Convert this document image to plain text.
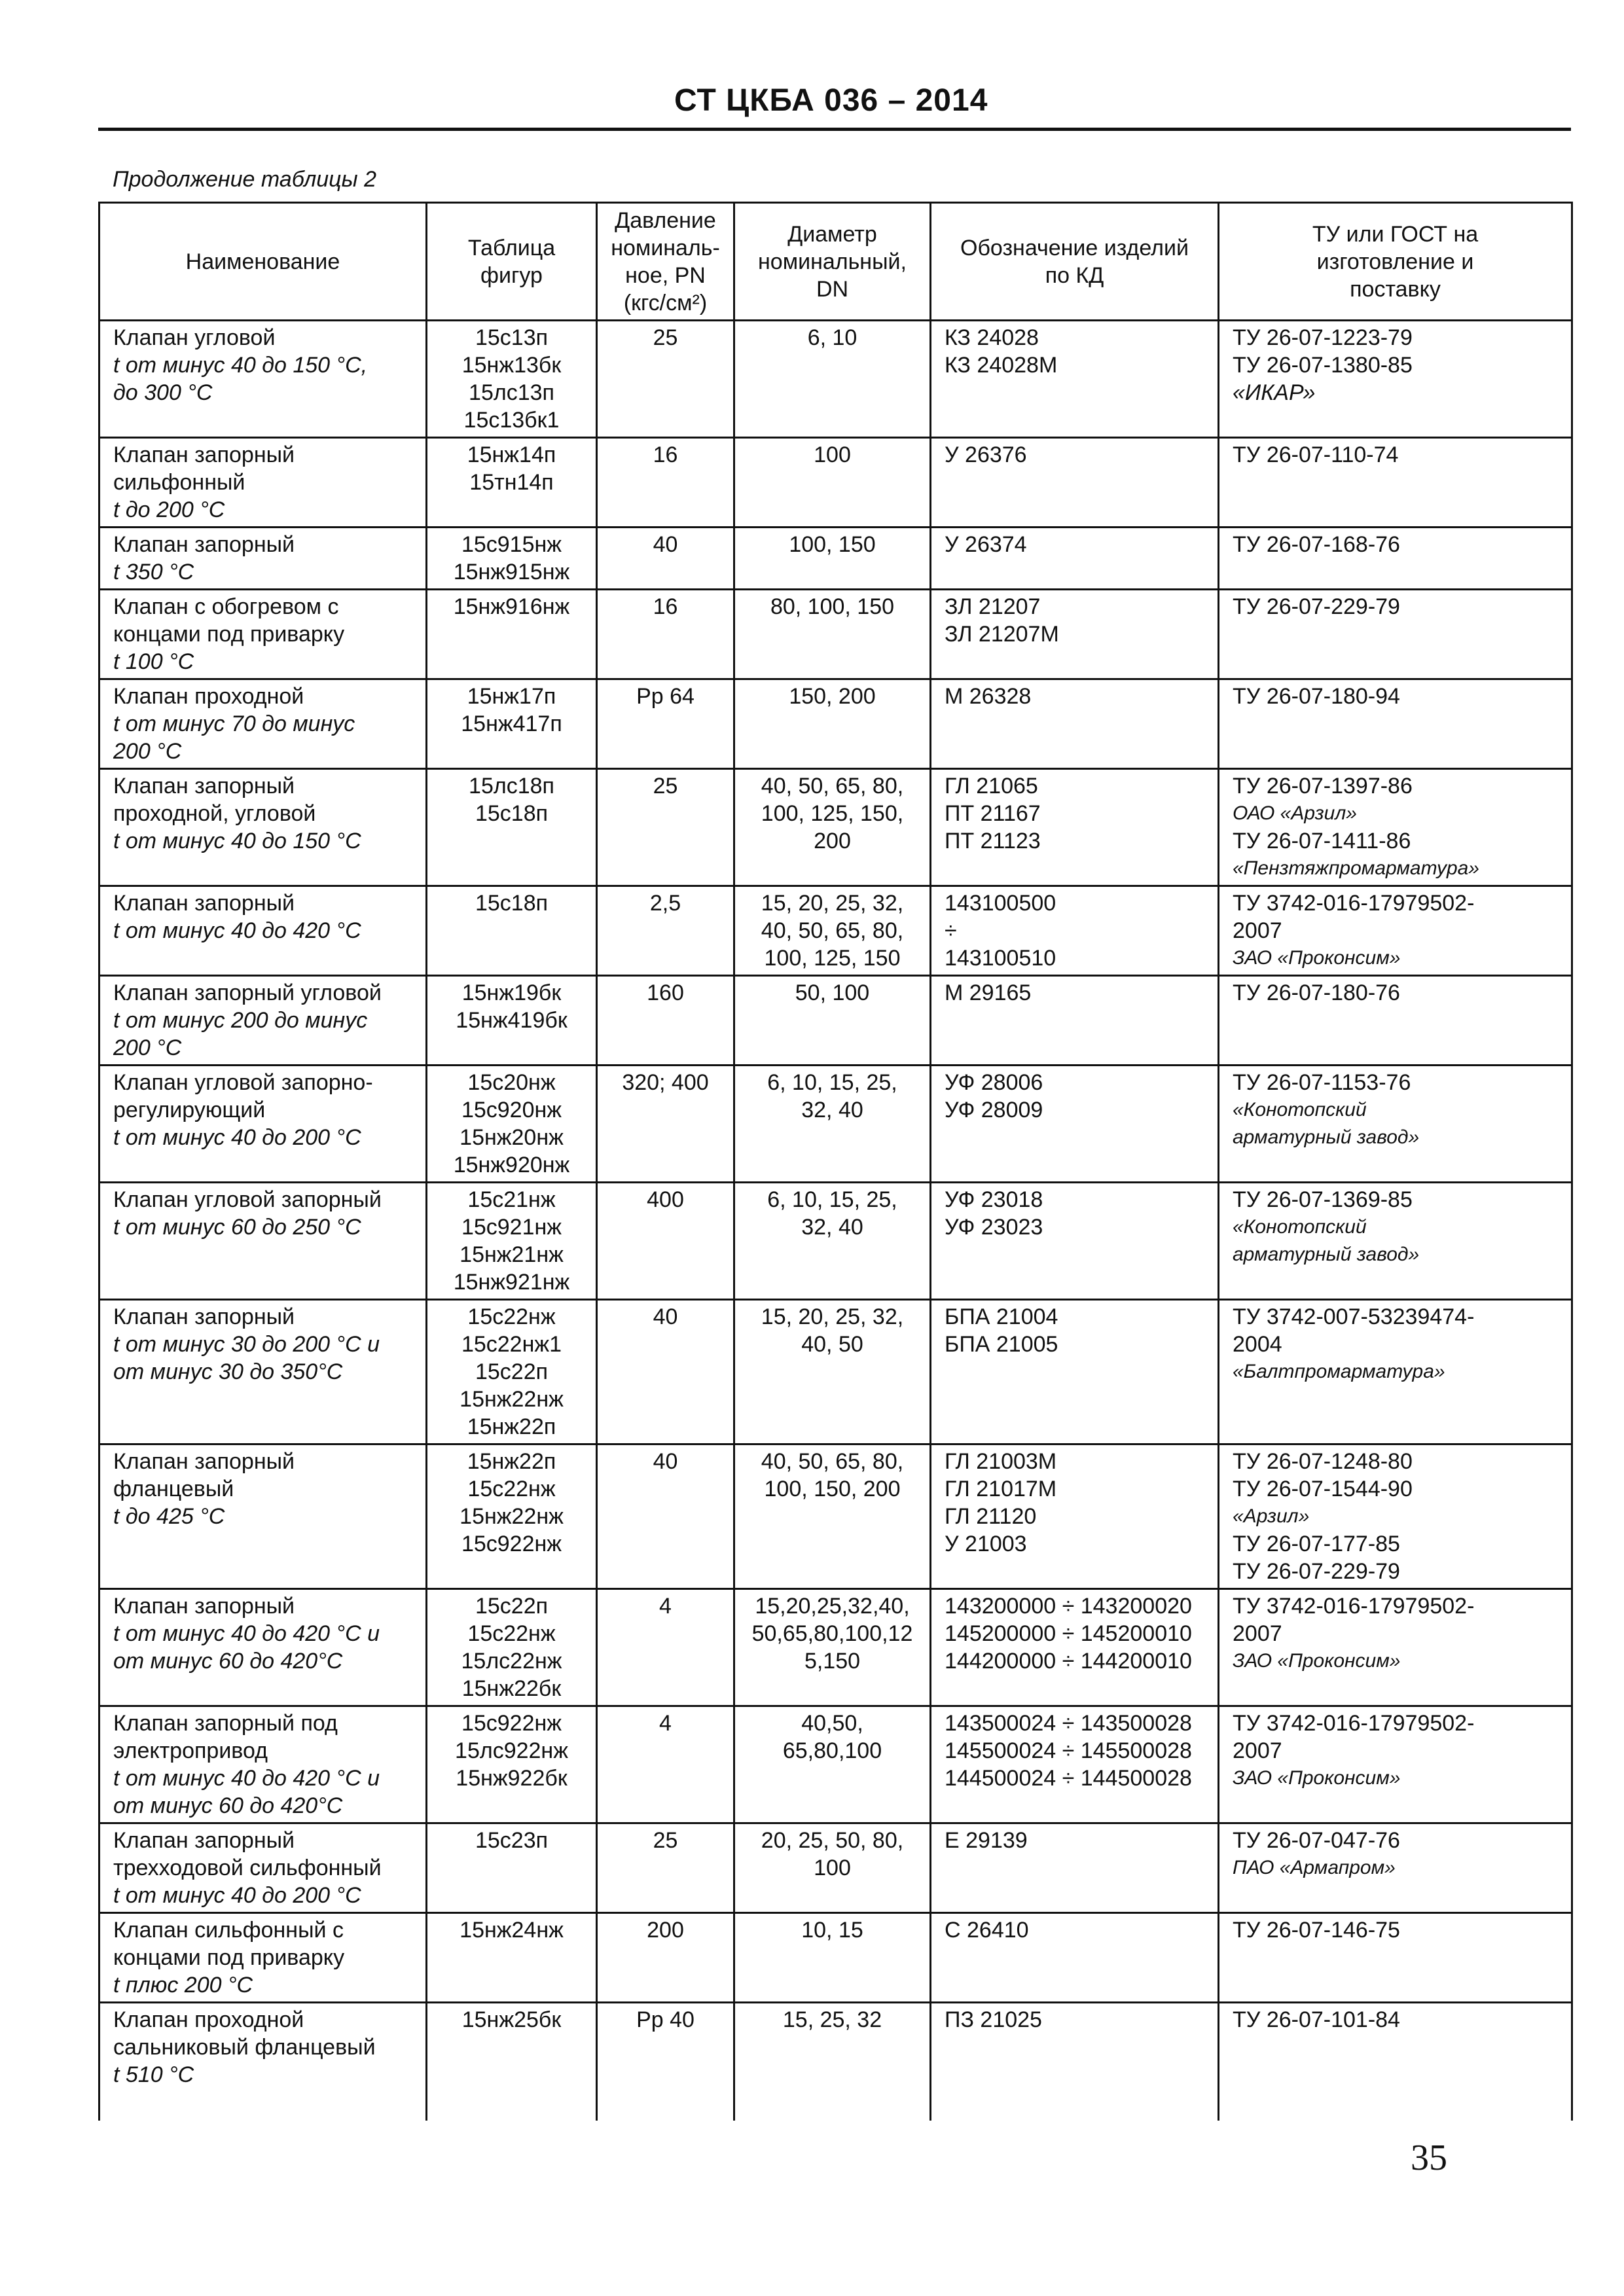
СТ ЦКБА 036 – 2014
Продолжение таблицы 2
Наименование	Таблица
фигур	Давление
номиналь-
ное, PN
(кгс/см²)	Диаметр
номинальный,
DN	Обозначение изделий
по КД	ТУ или ГОСТ на
изготовление и
поставку

Клапан угловой
t от минус 40 до 150 °С,
до 300 °С	15с13п
15нж13бк
15лс13п
15с13бк1	25	6, 10	КЗ 24028
КЗ 24028М	ТУ 26-07-1223-79
ТУ 26-07-1380-85
«ИКАР»

Клапан запорный
сильфонный
t до 200 °С	15нж14п
15тн14п	16	100	У 26376	ТУ 26-07-110-74

Клапан запорный
t 350 °С	15с915нж
15нж915нж	40	100, 150	У 26374	ТУ 26-07-168-76

Клапан с обогревом с
концами под приварку
t 100 °С	15нж916нж	16	80, 100, 150	ЗЛ 21207
ЗЛ 21207М	ТУ 26-07-229-79

Клапан проходной
t от минус 70 до минус
200 °С	15нж17п
15нж417п	Рр 64	150, 200	М 26328	ТУ 26-07-180-94

Клапан запорный
проходной, угловой
t от минус 40 до 150 °С	15лс18п
15с18п	25	40, 50, 65, 80,
100, 125, 150,
200	ГЛ 21065
ПТ 21167
ПТ 21123	ТУ 26-07-1397-86
ОАО «Арзил»
ТУ 26-07-1411-86
«Пензтяжпромарматура»

Клапан запорный
t от минус 40 до 420 °С	15с18п	2,5	15, 20, 25, 32,
40, 50, 65, 80,
100, 125, 150	143100500
÷
143100510	ТУ 3742-016-17979502-
2007
ЗАО «Проконсим»

Клапан запорный угловой
t от минус 200 до минус
200 °С	15нж19бк
15нж419бк	160	50, 100	М 29165	ТУ 26-07-180-76

Клапан угловой запорно-
регулирующий
t от минус 40 до 200 °С	15с20нж
15с920нж
15нж20нж
15нж920нж	320; 400	6, 10, 15, 25,
32, 40	УФ 28006
УФ 28009	ТУ 26-07-1153-76
«Конотопский
арматурный завод»

Клапан угловой запорный
t от минус 60 до 250 °С	15с21нж
15с921нж
15нж21нж
15нж921нж	400	6, 10, 15, 25,
32, 40	УФ 23018
УФ 23023	ТУ 26-07-1369-85
«Конотопский
арматурный завод»

Клапан запорный
t от минус 30 до 200 °С и
от минус 30 до 350°С	15с22нж
15с22нж1
15с22п
15нж22нж
15нж22п	40	15, 20, 25, 32,
40, 50	БПА 21004
БПА 21005	ТУ 3742-007-53239474-
2004
«Балтпромарматура»

Клапан запорный
фланцевый
t до 425 °С	15нж22п
15с22нж
15нж22нж
15с922нж	40	40, 50, 65, 80,
100, 150, 200	ГЛ 21003М
ГЛ 21017М
ГЛ 21120
У 21003	ТУ 26-07-1248-80
ТУ 26-07-1544-90
«Арзил»
ТУ 26-07-177-85
ТУ 26-07-229-79

Клапан запорный
t от минус 40 до 420 °С и
от минус 60 до 420°С	15с22п
15с22нж
15лс22нж
15нж22бк	4	15,20,25,32,40,
50,65,80,100,12
5,150	143200000 ÷ 143200020
145200000 ÷ 145200010
144200000 ÷ 144200010	ТУ 3742-016-17979502-
2007
ЗАО «Проконсим»

Клапан запорный под
электропривод
t от минус 40 до 420 °С и
от минус 60 до 420°С	15с922нж
15лс922нж
15нж922бк	4	40,50,
65,80,100	143500024 ÷ 143500028
145500024 ÷ 145500028
144500024 ÷ 144500028	ТУ 3742-016-17979502-
2007
ЗАО «Проконсим»

Клапан запорный
трехходовой сильфонный
t от минус 40 до 200 °С	15с23п	25	20, 25, 50, 80,
100	Е 29139	ТУ 26-07-047-76
ПАО «Армапром»

Клапан сильфонный с
концами под приварку
t плюс 200 °С	15нж24нж	200	10, 15	С 26410	ТУ 26-07-146-75

Клапан проходной
сальниковый фланцевый
t 510 °С	15нж25бк	Рр 40	15, 25, 32	ПЗ 21025	ТУ 26-07-101-84
35
